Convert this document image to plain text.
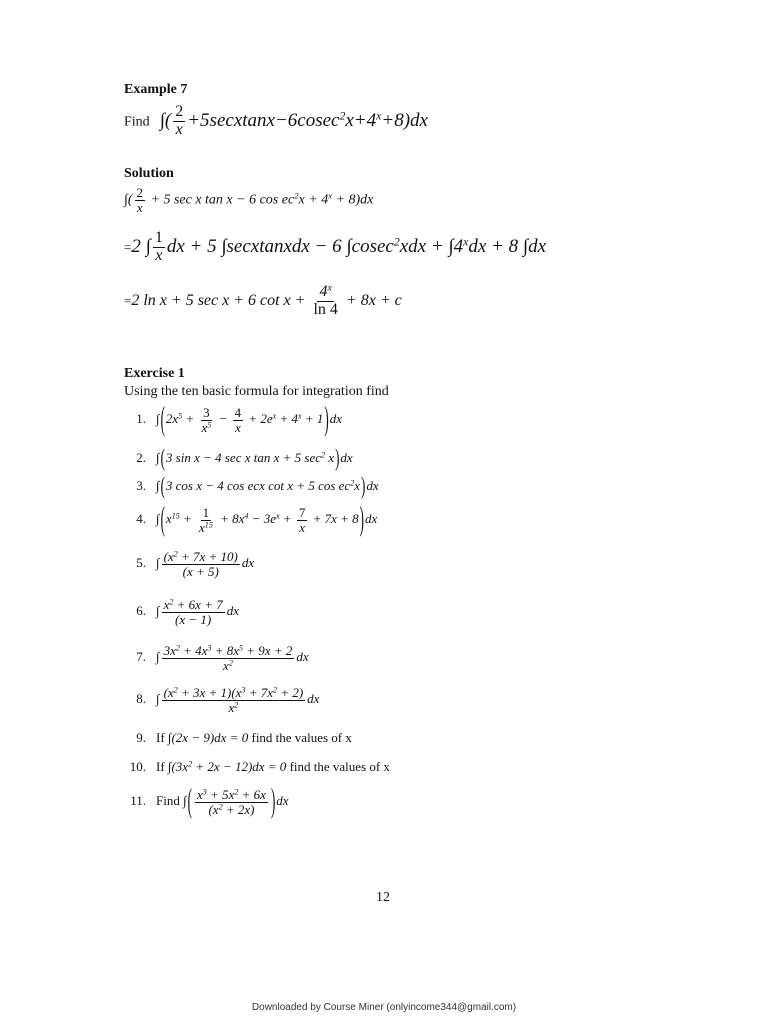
Example 7
Find ∫( $\frac{2}{x}$ $+5secxtanx-6cosec^2x+4^x+8)dx$
Solution
∫( $\frac{2}{x} + 5$ sec x tan x − 6 $\cos ec^2x + 4^x + 8)dx$
=2 ∫ $\frac{1}{x}$ dx + 5 ∫secxtanxdx − 6 $\int cosec^2xdx + \int 4^xdx + 8$ ∫dx
=2 ln x + 5 sec x + 6 $\cot x + \frac{4^x}{\ln 4} + 8x + c$
Exercise 1
Using the ten basic formula for integration find
1. $\int(2x^5 + \frac{3}{x^5} - \frac{4}{x} + 2e^x + 4^x + 1)dx$
2. ∫(3 sin x − 4 sec x tan x + 5 $\sec^2 x)dx$
3. ∫(3 cos x − 4 cos ecx cot x + 5 $\cos ec^2x)dx$
4. $\int(x^{15} + \frac{1}{x^{15}} + 8x^4 - 3e^x + \frac{7}{x} + 7x + 8)dx$
5. ∫ $\frac{(x^2 + 7x + 10)}{(x + 5)}$ dx
6. ∫ $\frac{x^2 + 6x + 7}{(x - 1)}$ dx
7. ∫ $\frac{3x^2 + 4x^3 + 8x^5 + 9x + 2}{x^2}$ dx
8. ∫ $\frac{(x^2 + 3x + 1)(x^3 + 7x^2 + 2)}{x^2}$ dx
9. If ∫(2x − 9)dx = 0 find the values of x
10. If $\int(3x^2 + 2x - 12)dx = 0$ find the values of x
11. Find ∫( $\frac{x^3 + 5x^2 + 6x}{(x^2 + 2x)} )dx$
12
Downloaded by Course Miner (onlyincome344@gmail.com)
